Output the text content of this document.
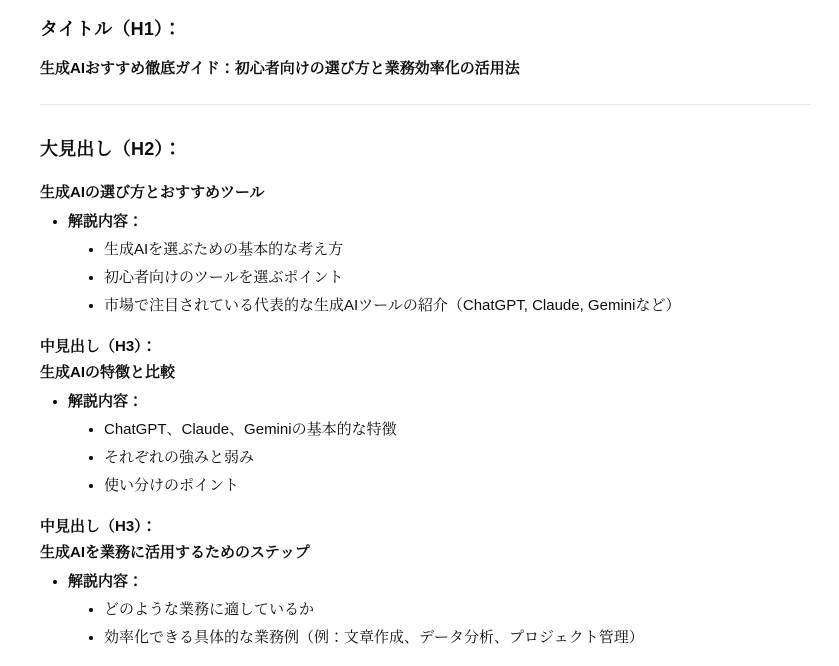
タイトル（H1）：

生成AIおすすめ徹底ガイド：初心者向けの選び方と業務効率化の活用法

大見出し（H2）：

生成AIの選び方とおすすめツール

• 解説内容：
• 生成AIを選ぶための基本的な考え方
• 初心者向けのツールを選ぶポイント
• 市場で注目されている代表的な生成AIツールの紹介（ChatGPT, Claude, Geminiなど）

中見出し（H3）：
生成AIの特徴と比較

• 解説内容：
• ChatGPT、Claude、Geminiの基本的な特徴
• それぞれの強みと弱み
• 使い分けのポイント

中見出し（H3）：
生成AIを業務に活用するためのステップ

• 解説内容：
• どのような業務に適しているか
• 効率化できる具体的な業務例（例：文章作成、データ分析、プロジェクト管理）
